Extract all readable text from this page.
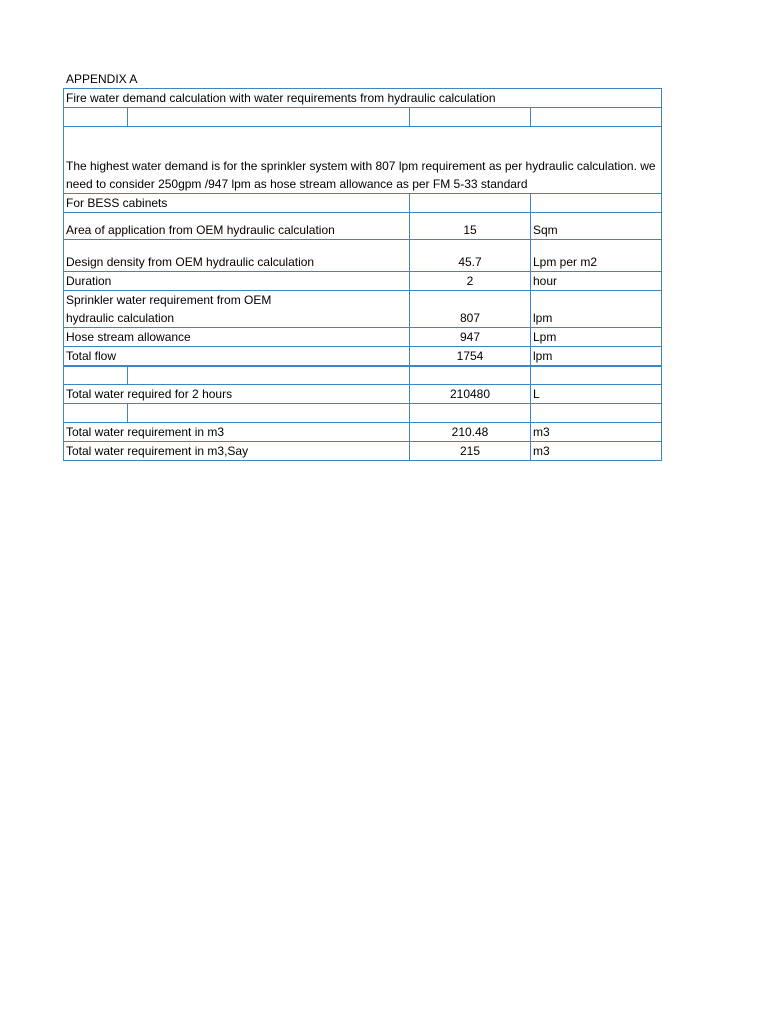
APPENDIX A
Fire water demand calculation with water requirements from hydraulic calculation			

The highest water demand is for the sprinkler system with 807 lpm requirement as per hydraulic calculation. we need to consider 250gpm /947 lpm as hose stream allowance as per FM 5-33 standard			
For BESS cabinets			
Area of application from OEM hydraulic calculation		15	Sqm
Design density from OEM hydraulic calculation		45.7	Lpm per m2
Duration		2	hour
Sprinkler water requirement from OEM hydraulic calculation		807	lpm
Hose stream allowance		947	Lpm
Total flow		1754	lpm

Total water required for 2 hours		210480	L

Total water requirement in m3		210.48	m3
Total water requirement in m3,Say		215	m3
